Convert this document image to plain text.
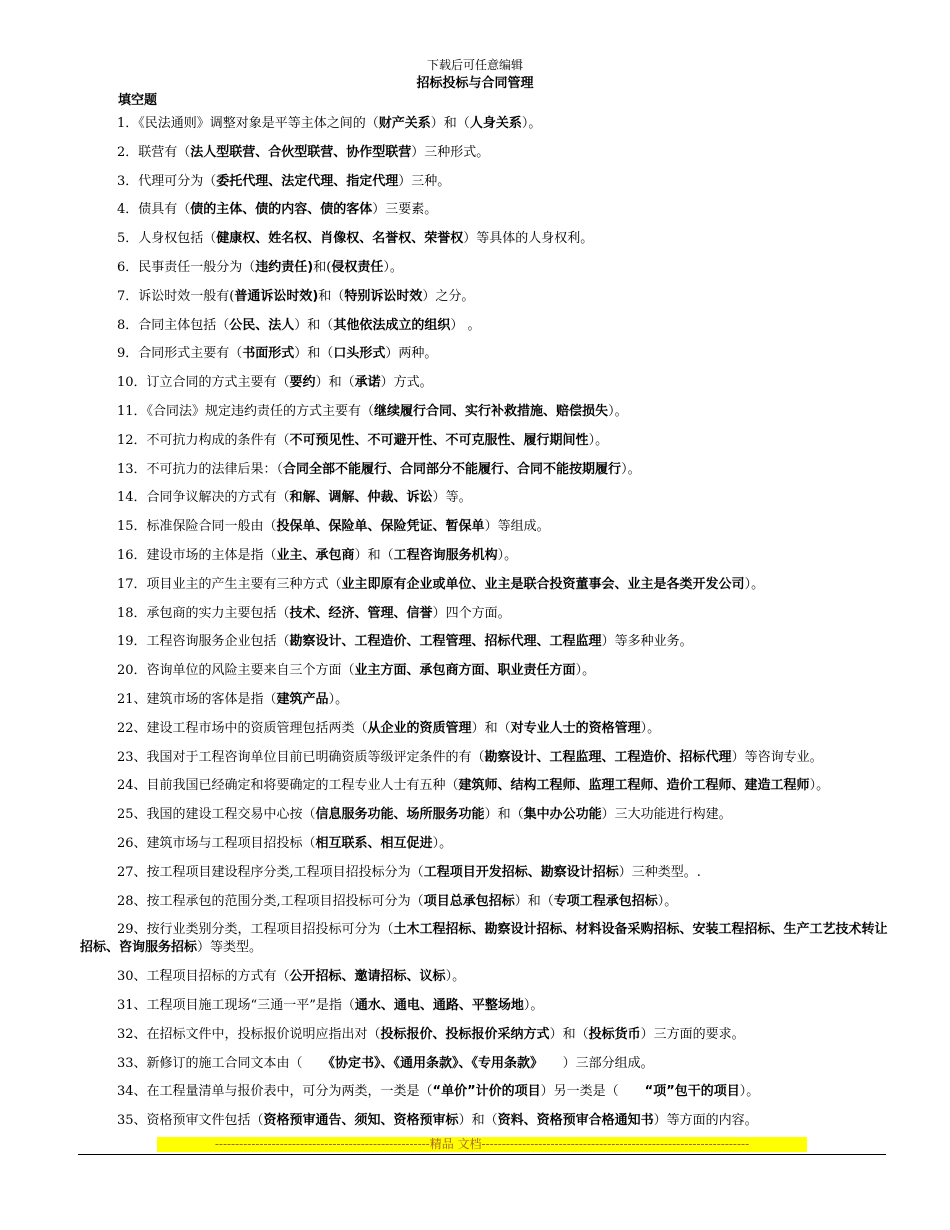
下载后可任意编辑
招标投标与合同管理
填空题
1．《民法通则》调整对象是平等主体之间的（财产关系）和（人身关系）。
2．联营有（法人型联营、合伙型联营、协作型联营）三种形式。
3．代理可分为（委托代理、法定代理、指定代理）三种。
4．债具有（债的主体、债的内容、债的客体）三要素。
5．人身权包括（健康权、姓名权、肖像权、名誉权、荣誉权）等具体的人身权利。
6．民事责任一般分为（违约责任)和(侵权责任）。
7．诉讼时效一般有(普通诉讼时效)和（特别诉讼时效）之分。
8．合同主体包括（公民、法人）和（其他依法成立的组织） 。
9．合同形式主要有（书面形式）和（口头形式）两种。
10．订立合同的方式主要有（要约）和（承诺）方式。
11．《合同法》规定违约责任的方式主要有（继续履行合同、实行补救措施、赔偿损失）。
12．不可抗力构成的条件有（不可预见性、不可避开性、不可克服性、履行期间性）。
13．不可抗力的法律后果：（合同全部不能履行、合同部分不能履行、合同不能按期履行）。
14．合同争议解决的方式有（和解、调解、仲裁、诉讼）等。
15．标准保险合同一般由（投保单、保险单、保险凭证、暂保单）等组成。
16．建设市场的主体是指（业主、承包商）和（工程咨询服务机构）。
17．项目业主的产生主要有三种方式（业主即原有企业或单位、业主是联合投资董事会、业主是各类开发公司）。
18．承包商的实力主要包括（技术、经济、管理、信誉）四个方面。
19．工程咨询服务企业包括（勘察设计、工程造价、工程管理、招标代理、工程监理）等多种业务。
20．咨询单位的风险主要来自三个方面（业主方面、承包商方面、职业责任方面）。
21、建筑市场的客体是指（建筑产品）。
22、建设工程市场中的资质管理包括两类（从企业的资质管理）和（对专业人士的资格管理）。
23、我国对于工程咨询单位目前已明确资质等级评定条件的有（勘察设计、工程监理、工程造价、招标代理）等咨询专业。
24、目前我国已经确定和将要确定的工程专业人士有五种（建筑师、结构工程师、监理工程师、造价工程师、建造工程师）。
25、我国的建设工程交易中心按（信息服务功能、场所服务功能）和（集中办公功能）三大功能进行构建。
26、建筑市场与工程项目招投标（相互联系、相互促进）。
27、按工程项目建设程序分类,工程项目招投标分为（工程项目开发招标、勘察设计招标）三种类型。.
28、按工程承包的范围分类,工程项目招投标可分为（项目总承包招标）和（专项工程承包招标）。
29、按行业类别分类，工程项目招投标可分为（土木工程招标、勘察设计招标、材料设备采购招标、安装工程招标、生产工艺技术转让招标、咨询服务招标）等类型。
30、工程项目招标的方式有（公开招标、邀请招标、议标）。
31、工程项目施工现场“三通一平”是指（通水、通电、通路、平整场地）。
32、在招标文件中，投标报价说明应指出对（投标报价、投标报价采纳方式）和（投标货币）三方面的要求。
33、新修订的施工合同文本由（　　《协定书》、《通用条款》、《专用条款》　　）三部分组成。
34、在工程量清单与报价表中，可分为两类，一类是（“单价”计价的项目）另一类是（　　“项”包干的项目）。
35、资格预审文件包括（资格预审通告、须知、资格预审标）和（资料、资格预审合格通知书）等方面的内容。
-----------------------------------------------------精品 文档------------------------------------------------------------------
